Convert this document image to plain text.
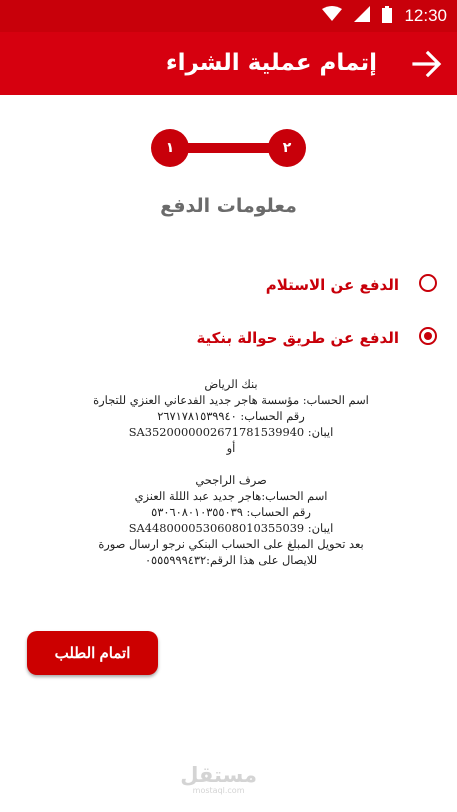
12:30
إتمام عملية الشراء
١	٢
معلومات الدفع
الدفع عن الاستلام
الدفع عن طريق حوالة بنكية
بنك الرياض
اسم الحساب: مؤسسة هاجر جديد الفدعاني العنزي للتجارة
رقم الحساب: ٢٦٧١٧٨١٥٣٩٩٤٠
ايبان: SA3520000002671781539940
أو
صرف الراجحي
اسم الحساب:هاجر جديد عبد الللة العنزي
رقم الحساب: ٥٣٠٦٠٨٠١٠٣٥٥٠٣٩
ايبان: SA4480000530608010355039
بعد تحويل المبلغ على الحساب البنكي نرجو ارسال صورة
للايصال على هذا الرقم:٠٥٥٥٩٩٩٤٣٢
اتمام الطلب
مستقل
mostaql.com
